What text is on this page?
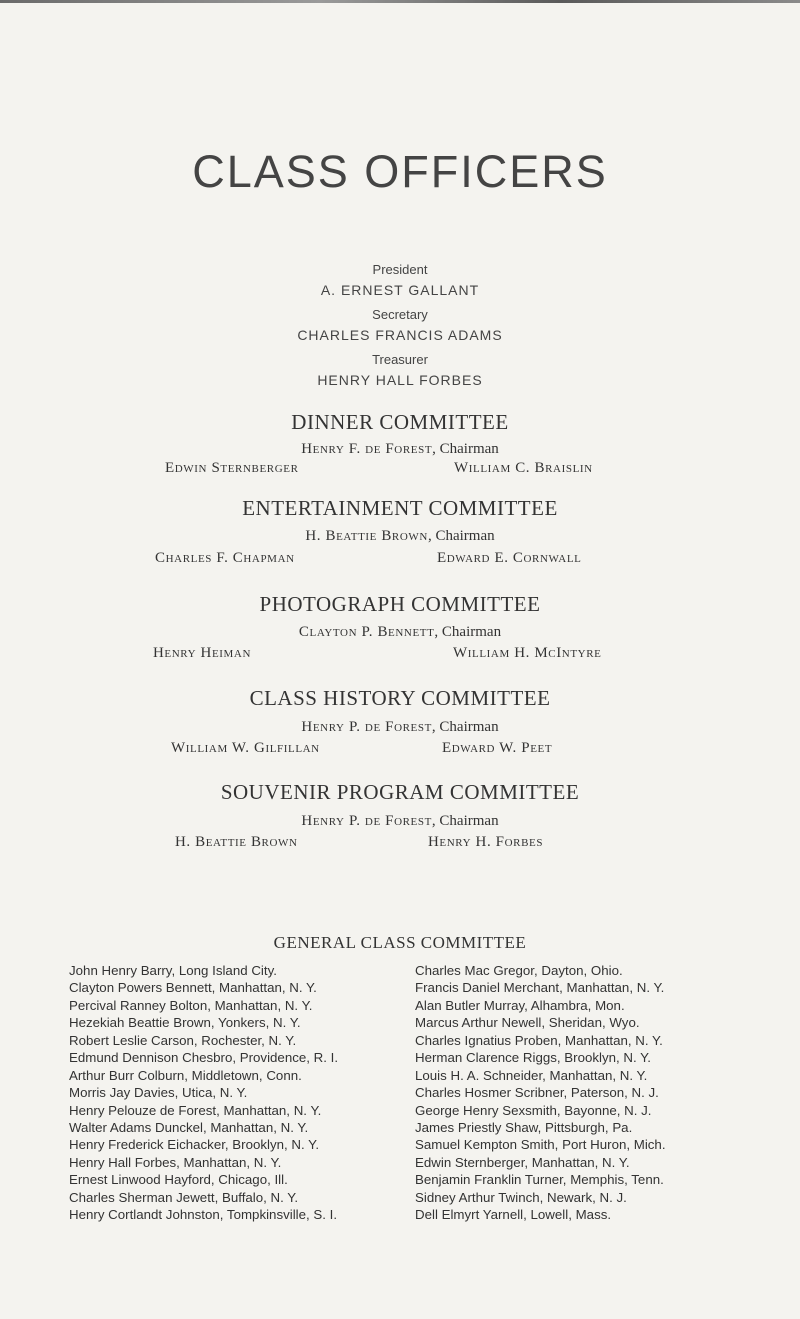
CLASS OFFICERS
President
A. ERNEST GALLANT
Secretary
CHARLES FRANCIS ADAMS
Treasurer
HENRY HALL FORBES
DINNER COMMITTEE
Henry F. de Forest, Chairman
Edwin Sternberger	William C. Braislin
ENTERTAINMENT COMMITTEE
H. Beattie Brown, Chairman
Charles F. Chapman	Edward E. Cornwall
PHOTOGRAPH COMMITTEE
Clayton P. Bennett, Chairman
Henry Heiman	William H. McIntyre
CLASS HISTORY COMMITTEE
Henry P. de Forest, Chairman
William W. Gilfillan	Edward W. Peet
SOUVENIR PROGRAM COMMITTEE
Henry P. de Forest, Chairman
H. Beattie Brown	Henry H. Forbes
GENERAL CLASS COMMITTEE
John Henry Barry, Long Island City.
Clayton Powers Bennett, Manhattan, N. Y.
Percival Ranney Bolton, Manhattan, N. Y.
Hezekiah Beattie Brown, Yonkers, N. Y.
Robert Leslie Carson, Rochester, N. Y.
Edmund Dennison Chesbro, Providence, R. I.
Arthur Burr Colburn, Middletown, Conn.
Morris Jay Davies, Utica, N. Y.
Henry Pelouze de Forest, Manhattan, N. Y.
Walter Adams Dunckel, Manhattan, N. Y.
Henry Frederick Eichacker, Brooklyn, N. Y.
Henry Hall Forbes, Manhattan, N. Y.
Ernest Linwood Hayford, Chicago, Ill.
Charles Sherman Jewett, Buffalo, N. Y.
Henry Cortlandt Johnston, Tompkinsville, S. I.
Charles Mac Gregor, Dayton, Ohio.
Francis Daniel Merchant, Manhattan, N. Y.
Alan Butler Murray, Alhambra, Mon.
Marcus Arthur Newell, Sheridan, Wyo.
Charles Ignatius Proben, Manhattan, N. Y.
Herman Clarence Riggs, Brooklyn, N. Y.
Louis H. A. Schneider, Manhattan, N. Y.
Charles Hosmer Scribner, Paterson, N. J.
George Henry Sexsmith, Bayonne, N. J.
James Priestly Shaw, Pittsburgh, Pa.
Samuel Kempton Smith, Port Huron, Mich.
Edwin Sternberger, Manhattan, N. Y.
Benjamin Franklin Turner, Memphis, Tenn.
Sidney Arthur Twinch, Newark, N. J.
Dell Elmyrt Yarnell, Lowell, Mass.
